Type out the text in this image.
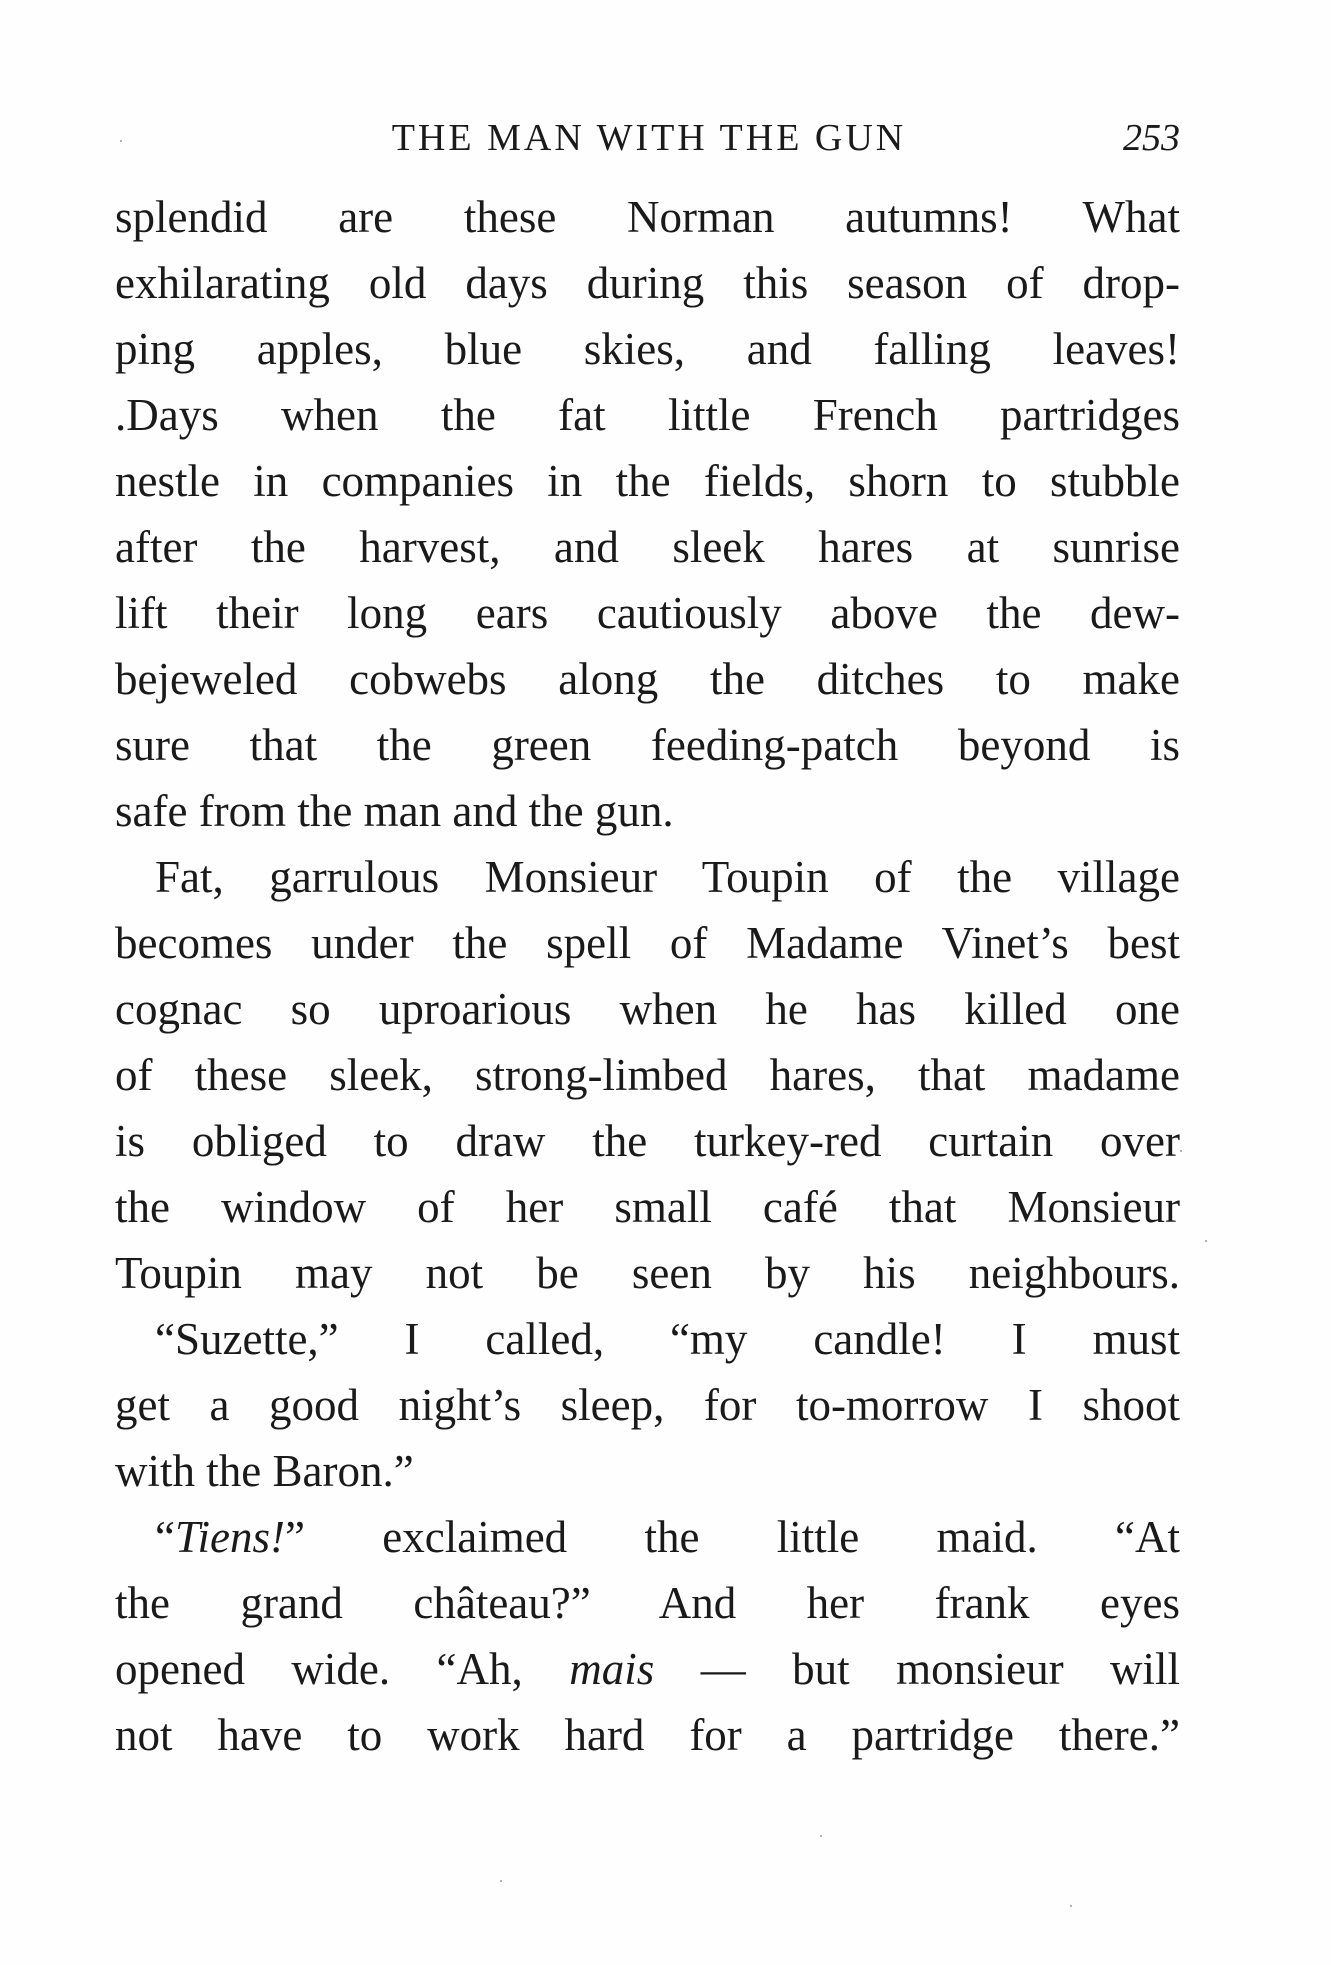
THE MAN WITH THE GUN	253
splendid are these Norman autumns! What
exhilarating old days during this season of drop-
ping apples, blue skies, and falling leaves!
.Days when the fat little French partridges
nestle in companies in the fields, shorn to stubble
after the harvest, and sleek hares at sunrise
lift their long ears cautiously above the dew-
bejeweled cobwebs along the ditches to make
sure that the green feeding-patch beyond is
safe from the man and the gun.
Fat, garrulous Monsieur Toupin of the village
becomes under the spell of Madame Vinet’s best
cognac so uproarious when he has killed one
of these sleek, strong-limbed hares, that madame
is obliged to draw the turkey-red curtain over
the window of her small café that Monsieur
Toupin may not be seen by his neighbours.
“Suzette,” I called, “my candle! I must
get a good night’s sleep, for to-morrow I shoot
with the Baron.”
“Tiens!” exclaimed the little maid. “At
the grand château?” And her frank eyes
opened wide. “Ah, mais — but monsieur will
not have to work hard for a partridge there.”
